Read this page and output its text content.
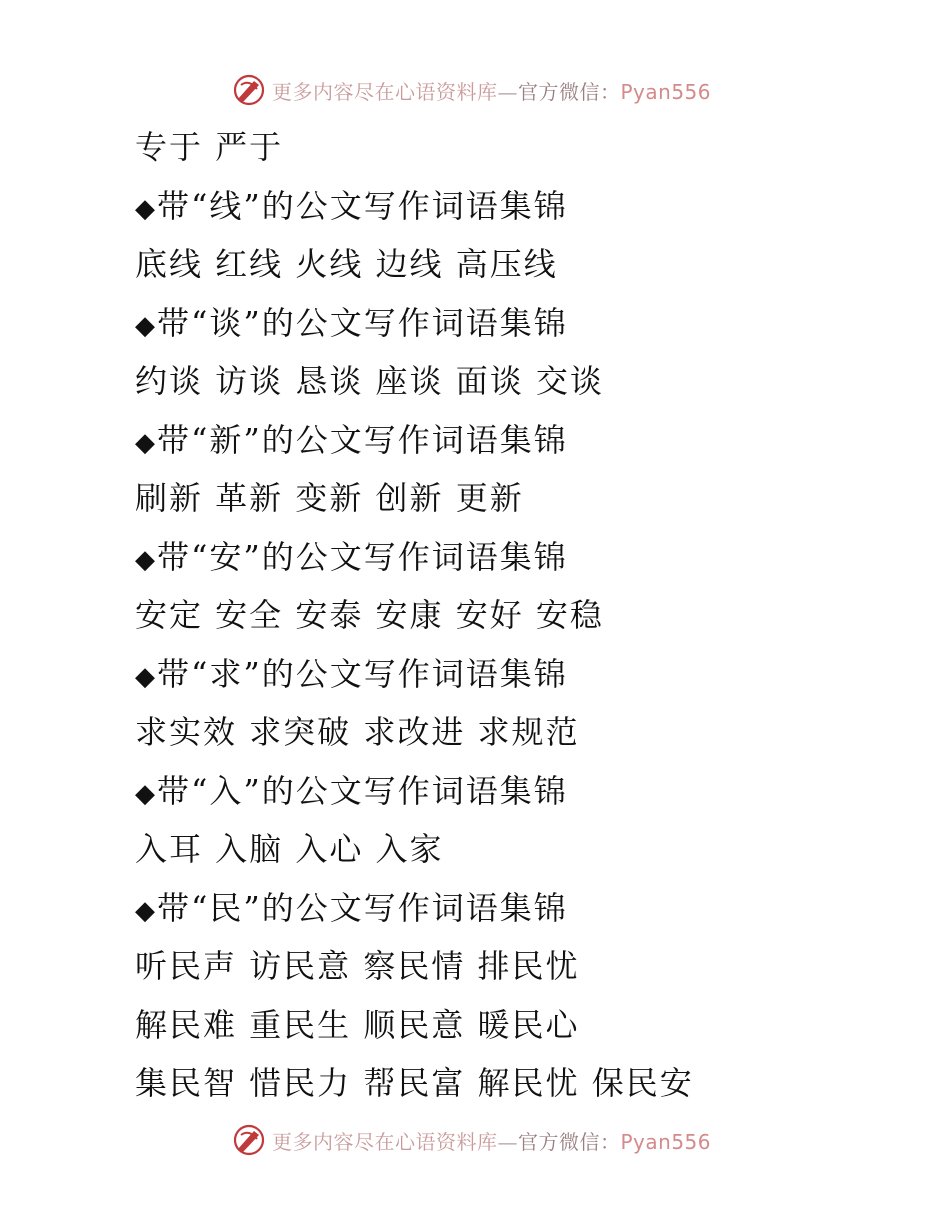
更多内容尽在心语资料库—官方微信：Pyan556
专于 严于
◆带“线”的公文写作词语集锦
底线 红线 火线 边线 高压线
◆带“谈”的公文写作词语集锦
约谈 访谈 恳谈 座谈 面谈 交谈
◆带“新”的公文写作词语集锦
刷新 革新 变新 创新 更新
◆带“安”的公文写作词语集锦
安定 安全 安泰 安康 安好 安稳
◆带“求”的公文写作词语集锦
求实效 求突破 求改进 求规范
◆带“入”的公文写作词语集锦
入耳 入脑 入心 入家
◆带“民”的公文写作词语集锦
听民声 访民意 察民情 排民忧
解民难 重民生 顺民意 暖民心
集民智 惜民力 帮民富 解民忧 保民安
更多内容尽在心语资料库—官方微信：Pyan556
